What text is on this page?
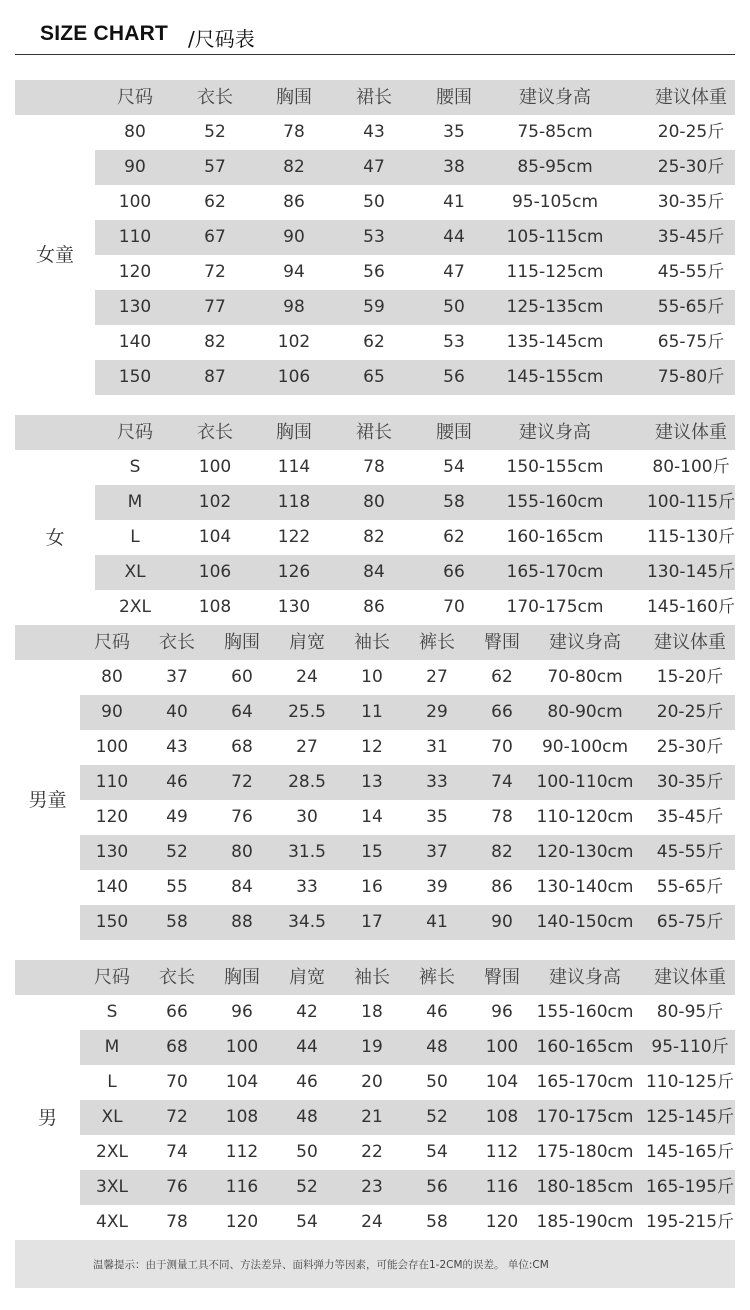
SIZE CHART /尺码表
尺码	衣长	胸围	裙长	腰围	建议身高	建议体重
80	52	78	43	35	75-85cm	20-25斤
90	57	82	47	38	85-95cm	25-30斤
100	62	86	50	41	95-105cm	30-35斤
110	67	90	53	44	105-115cm	35-45斤
120	72	94	56	47	115-125cm	45-55斤
130	77	98	59	50	125-135cm	55-65斤
140	82	102	62	53	135-145cm	65-75斤
150	87	106	65	56	145-155cm	75-80斤
女童
尺码	衣长	胸围	裙长	腰围	建议身高	建议体重
S	100	114	78	54	150-155cm	80-100斤
M	102	118	80	58	155-160cm	100-115斤
L	104	122	82	62	160-165cm	115-130斤
XL	106	126	84	66	165-170cm	130-145斤
2XL	108	130	86	70	170-175cm	145-160斤
女
尺码	衣长	胸围	肩宽	袖长	裤长	臀围	建议身高	建议体重
80	37	60	24	10	27	62	70-80cm	15-20斤
90	40	64	25.5	11	29	66	80-90cm	20-25斤
100	43	68	27	12	31	70	90-100cm	25-30斤
110	46	72	28.5	13	33	74	100-110cm	30-35斤
120	49	76	30	14	35	78	110-120cm	35-45斤
130	52	80	31.5	15	37	82	120-130cm	45-55斤
140	55	84	33	16	39	86	130-140cm	55-65斤
150	58	88	34.5	17	41	90	140-150cm	65-75斤
男童
尺码	衣长	胸围	肩宽	袖长	裤长	臀围	建议身高	建议体重
S	66	96	42	18	46	96	155-160cm	80-95斤
M	68	100	44	19	48	100	160-165cm	95-110斤
L	70	104	46	20	50	104	165-170cm 110-125斤
XL	72	108	48	21	52	108	170-175cm 125-145斤
2XL	74	112	50	22	54	112	175-180cm 145-165斤
3XL	76	116	52	23	56	116	180-185cm 165-195斤
4XL	78	120	54	24	58	120	185-190cm 195-215斤
男
温馨提示：由于测量工具不同、方法差异、面料弹力等因素，可能会存在1-2CM的误差。 单位:CM
